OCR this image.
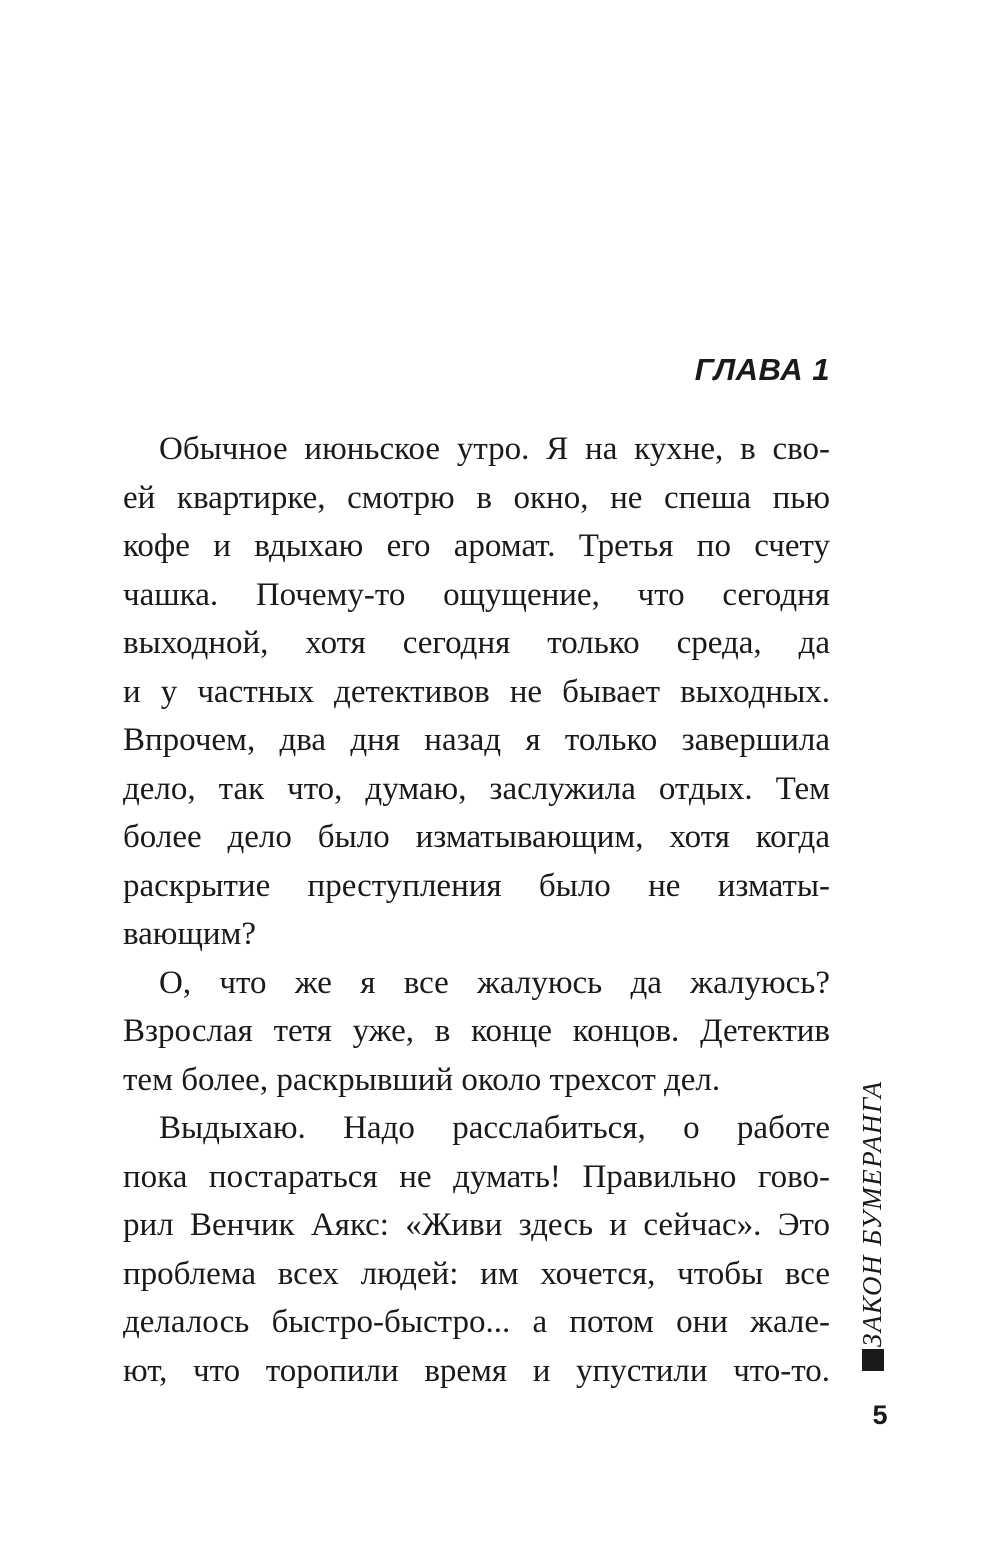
ГЛАВА 1
Обычное июньское утро. Я на кухне, в сво-
ей квартирке, смотрю в окно, не спеша пью
кофе и вдыхаю его аромат. Третья по счету
чашка. Почему-то ощущение, что сегодня
выходной, хотя сегодня только среда, да
и у частных детективов не бывает выходных.
Впрочем, два дня назад я только завершила
дело, так что, думаю, заслужила отдых. Тем
более дело было изматывающим, хотя когда
раскрытие преступления было не изматы-
вающим?
О, что же я все жалуюсь да жалуюсь?
Взрослая тетя уже, в конце концов. Детектив
тем более, раскрывший около трехсот дел.
Выдыхаю. Надо расслабиться, о работе
пока постараться не думать! Правильно гово-
рил Венчик Аякс: «Живи здесь и сейчас». Это
проблема всех людей: им хочется, чтобы все
делалось быстро-быстро... а потом они жале-
ют, что торопили время и упустили что-то.
ЗАКОН БУМЕРАНГА
5
